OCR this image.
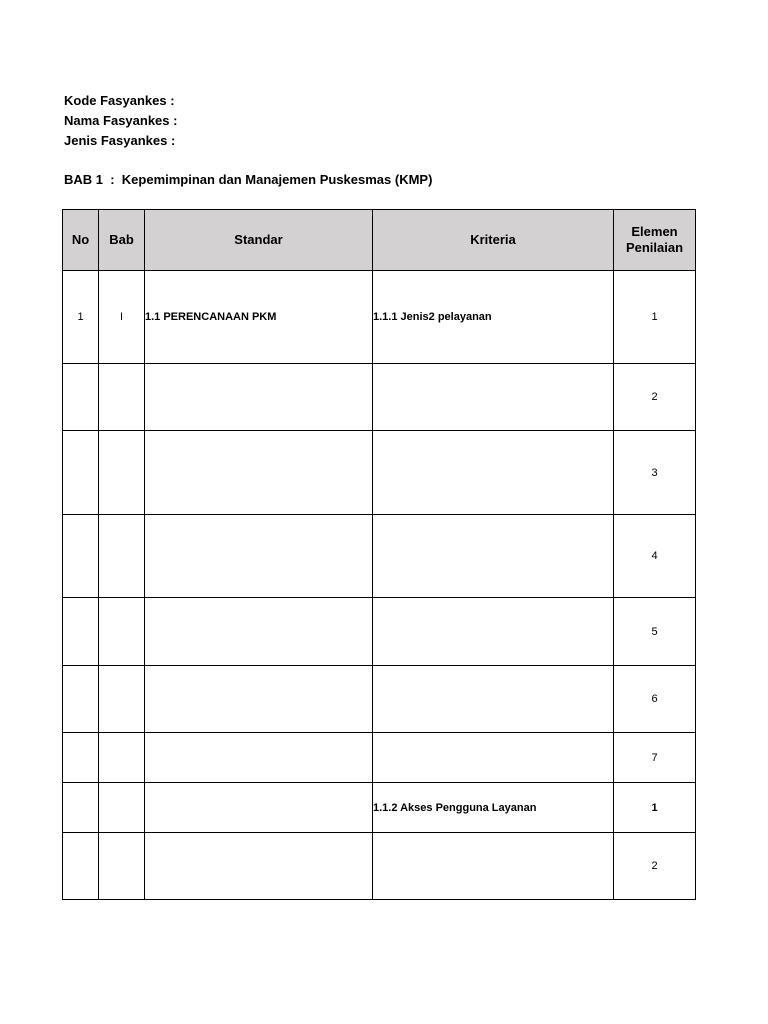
Kode Fasyankes :
Nama Fasyankes :
Jenis Fasyankes :
BAB 1  :  Kepemimpinan dan Manajemen Puskesmas (KMP)
No	Bab	Standar	Kriteria	Elemen Penilaian
1	I	1.1 PERENCANAAN PKM	1.1.1 Jenis2 pelayanan	1
				2
				3
				4
				5
				6
				7
			1.1.2 Akses Pengguna Layanan	1
				2
